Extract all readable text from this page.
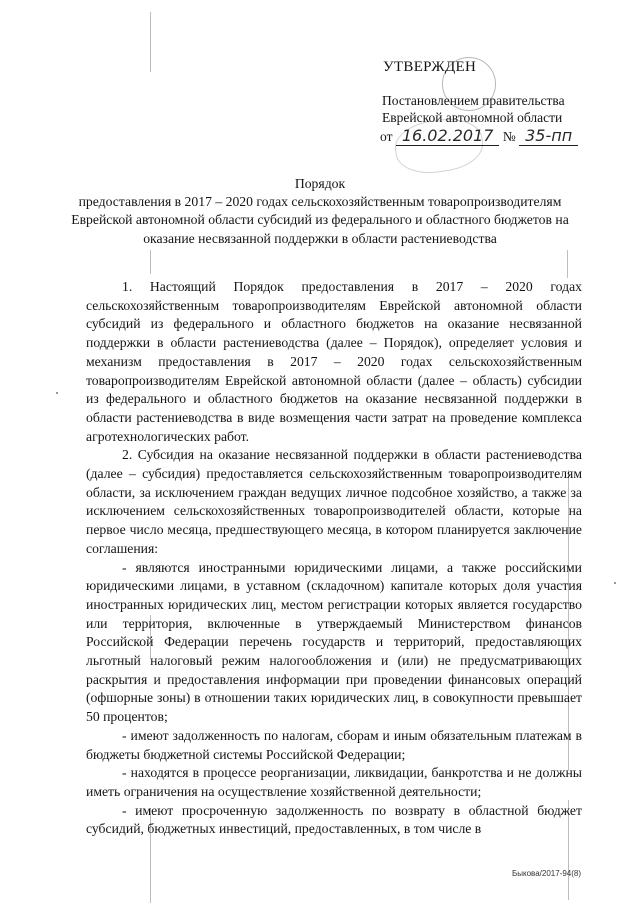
УТВЕРЖДЕН
Постановлением правительства Еврейской автономной области
от 16.02.2017 № 35-пп
Порядок
предоставления в 2017 – 2020 годах сельскохозяйственным товаропроизводителям Еврейской автономной области субсидий из федерального и областного бюджетов на оказание несвязанной поддержки в области растениеводства

1. Настоящий Порядок предоставления в 2017 – 2020 годах сельскохозяйственным товаропроизводителям Еврейской автономной области субсидий из федерального и областного бюджетов на оказание несвязанной поддержки в области растениеводства (далее – Порядок), определяет условия и механизм предоставления в 2017 – 2020 годах сельскохозяйственным товаропроизводителям Еврейской автономной области (далее – область) субсидии из федерального и областного бюджетов на оказание несвязанной поддержки в области растениеводства в виде возмещения части затрат на проведение комплекса агротехнологических работ.

2. Субсидия на оказание несвязанной поддержки в области растениеводства (далее – субсидия) предоставляется сельскохозяйственным товаропроизводителям области, за исключением граждан ведущих личное подсобное хозяйство, а также за исключением сельскохозяйственных товаропроизводителей области, которые на первое число месяца, предшествующего месяца, в котором планируется заключение соглашения:

- являются иностранными юридическими лицами, а также российскими юридическими лицами, в уставном (складочном) капитале которых доля участия иностранных юридических лиц, местом регистрации которых является государство или территория, включенные в утверждаемый Министерством финансов Российской Федерации перечень государств и территорий, предоставляющих льготный налоговый режим налогообложения и (или) не предусматривающих раскрытия и предоставления информации при проведении финансовых операций (офшорные зоны) в отношении таких юридических лиц, в совокупности превышает 50 процентов;

- имеют задолженность по налогам, сборам и иным обязательным платежам в бюджеты бюджетной системы Российской Федерации;

- находятся в процессе реорганизации, ликвидации, банкротства и не должны иметь ограничения на осуществление хозяйственной деятельности;

- имеют просроченную задолженность по возврату в областной бюджет субсидий, бюджетных инвестиций, предоставленных, в том числе в

Быкова/2017-94(8)
